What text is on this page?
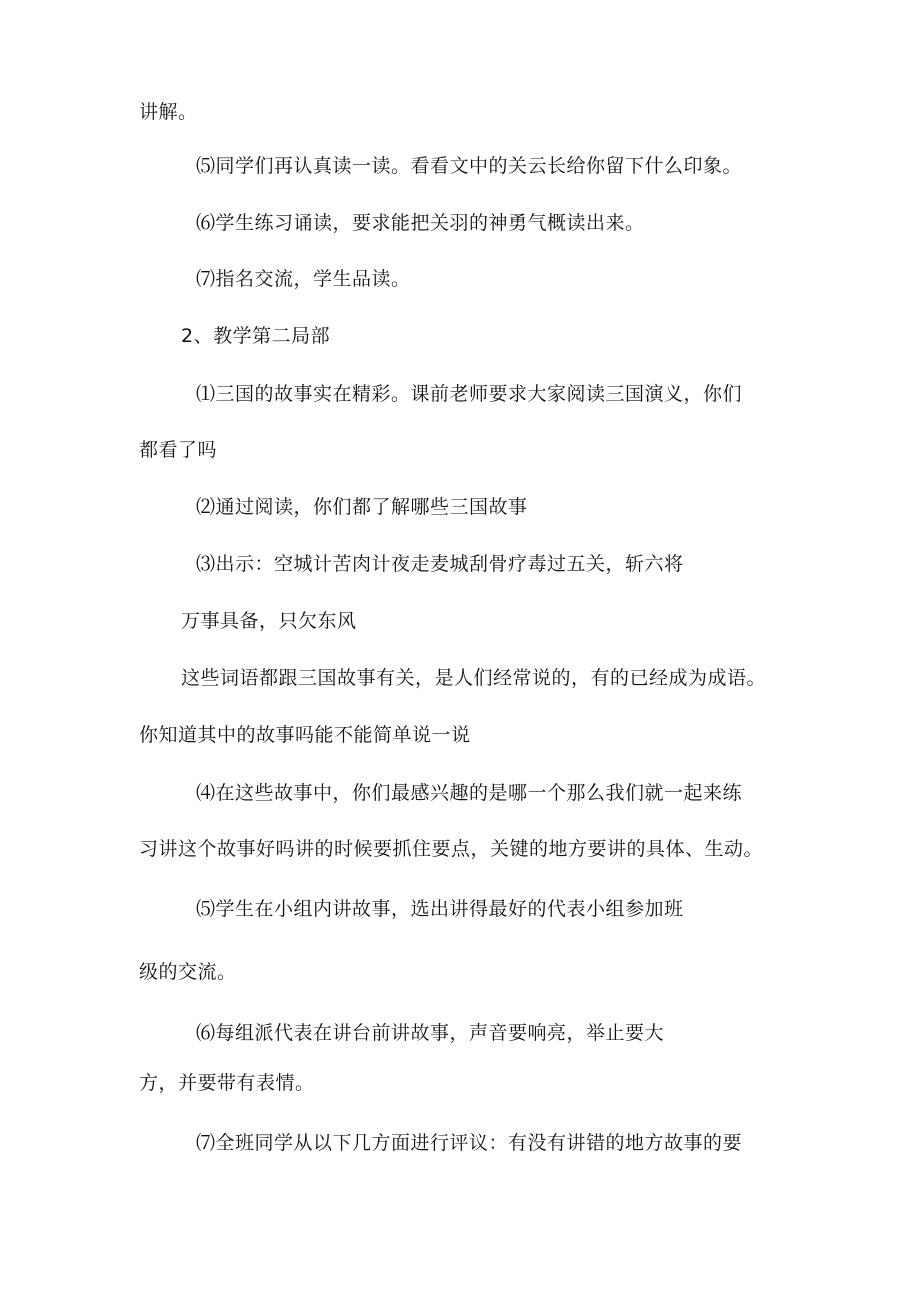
讲解。
⑸同学们再认真读一读。看看文中的关云长给你留下什么印象。
⑹学生练习诵读，要求能把关羽的神勇气概读出来。
⑺指名交流，学生品读。
2、教学第二局部
⑴三国的故事实在精彩。课前老师要求大家阅读三国演义，你们
都看了吗
⑵通过阅读，你们都了解哪些三国故事
⑶出示：空城计苦肉计夜走麦城刮骨疗毒过五关，斩六将
万事具备，只欠东风
这些词语都跟三国故事有关，是人们经常说的，有的已经成为成语。
你知道其中的故事吗能不能简单说一说
⑷在这些故事中，你们最感兴趣的是哪一个那么我们就一起来练
习讲这个故事好吗讲的时候要抓住要点，关键的地方要讲的具体、生动。
⑸学生在小组内讲故事，选出讲得最好的代表小组参加班
级的交流。
⑹每组派代表在讲台前讲故事，声音要响亮，举止要大
方，并要带有表情。
⑺全班同学从以下几方面进行评议：有没有讲错的地方故事的要
